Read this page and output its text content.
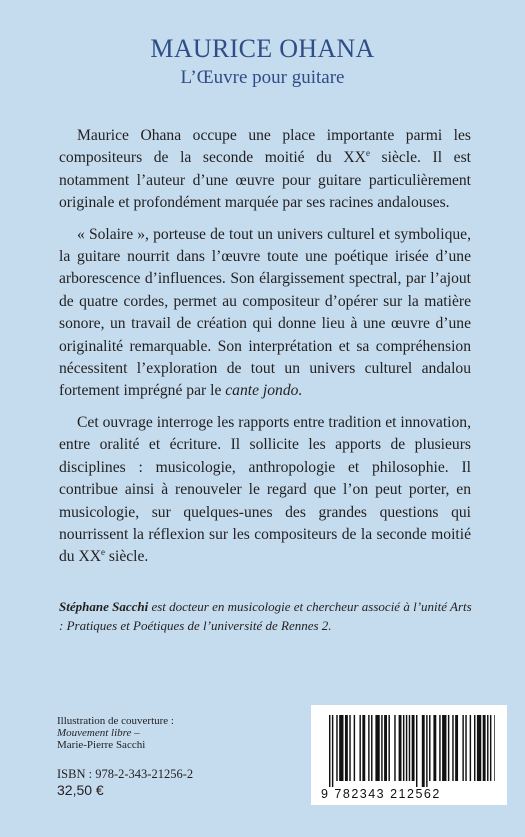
MAURICE OHANA
L’Œuvre pour guitare

Maurice Ohana occupe une place importante parmi les compositeurs de la seconde moitié du XXe siècle. Il est notamment l’auteur d’une œuvre pour guitare particulièrement originale et profondément marquée par ses racines andalouses.

« Solaire », porteuse de tout un univers culturel et symbolique, la guitare nourrit dans l’œuvre toute une poétique irisée d’une arborescence d’influences. Son élargissement spectral, par l’ajout de quatre cordes, permet au compositeur d’opérer sur la matière sonore, un travail de création qui donne lieu à une œuvre d’une originalité remarquable. Son interprétation et sa compréhension nécessitent l’exploration de tout un univers culturel andalou fortement imprégné par le cante jondo.

Cet ouvrage interroge les rapports entre tradition et innovation, entre oralité et écriture. Il sollicite les apports de plusieurs disciplines : musicologie, anthropologie et philosophie. Il contribue ainsi à renouveler le regard que l’on peut porter, en musicologie, sur quelques-unes des grandes questions qui nourrissent la réflexion sur les compositeurs de la seconde moitié du XXe siècle.

Stéphane Sacchi est docteur en musicologie et chercheur associé à l’unité Arts : Pratiques et Poétiques de l’université de Rennes 2.
Illustration de couverture :
Mouvement libre –
Marie-Pierre Sacchi
ISBN : 978-2-343-21256-2
32,50 €	9 782343 212562
